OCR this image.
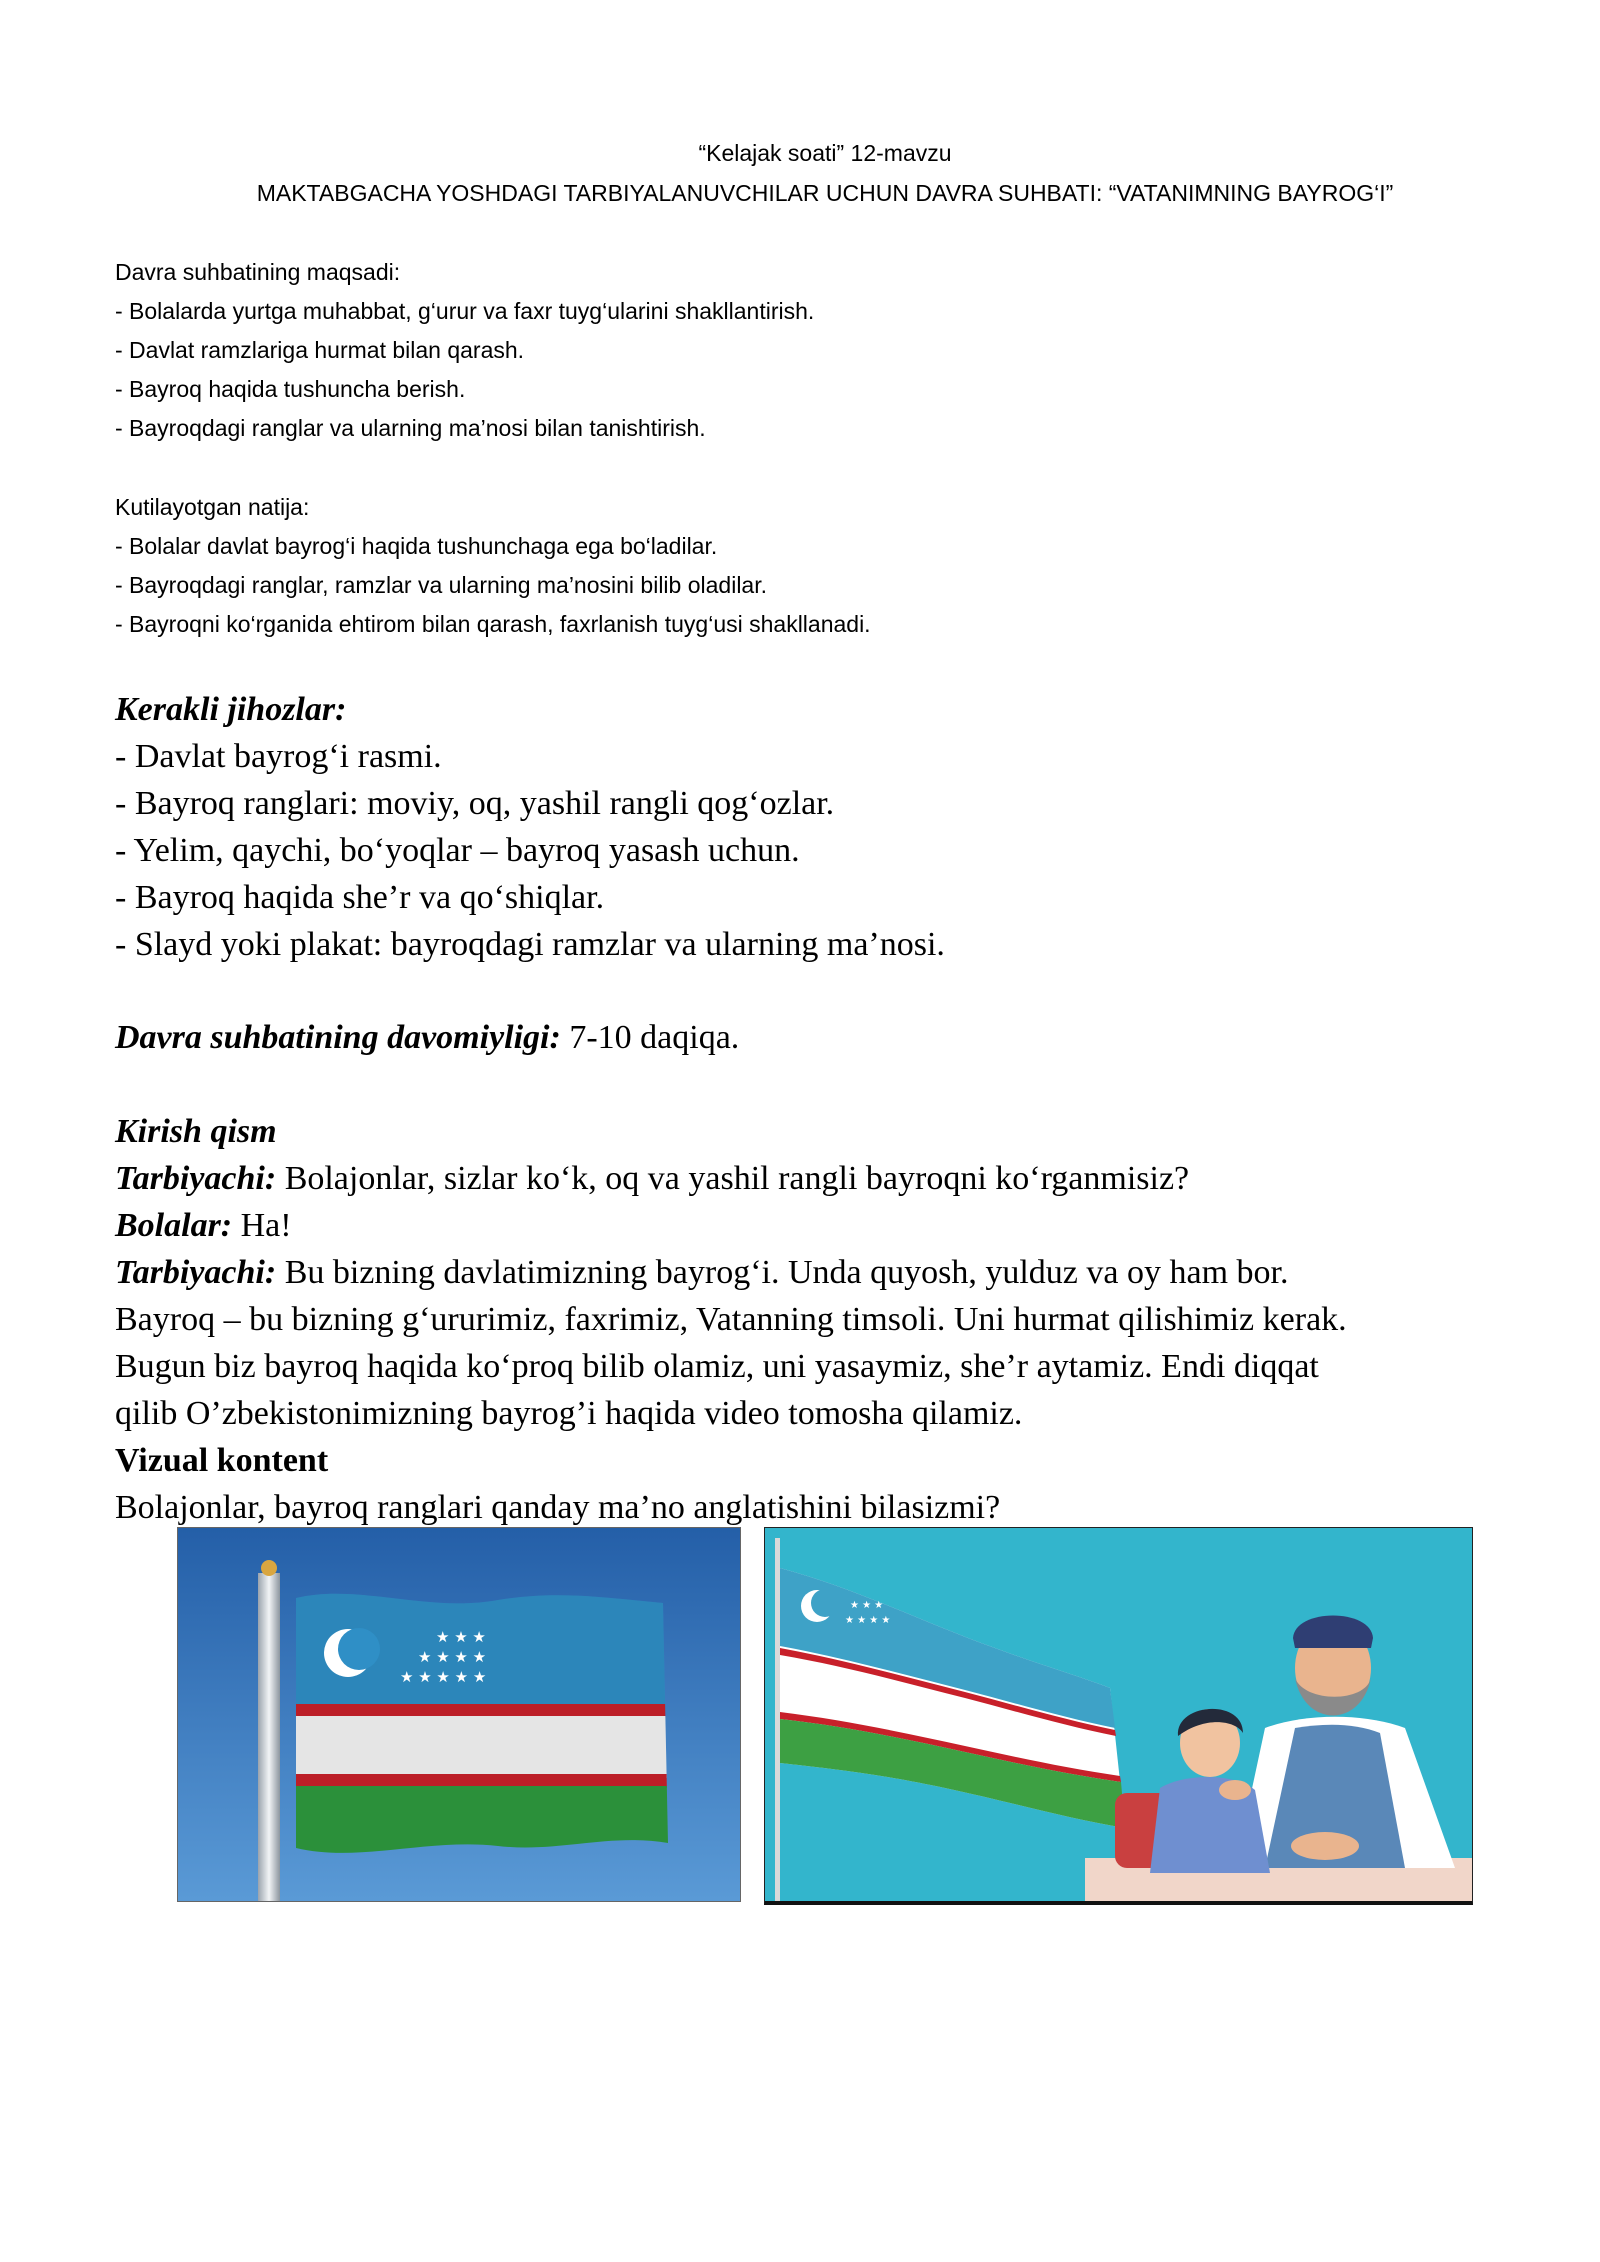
“Kelajak soati” 12-mavzu
MAKTABGACHA YOSHDAGI TARBIYALANUVCHILAR UCHUN DAVRA SUHBATI: “VATANIMNING BAYROG‘I”
Davra suhbatining maqsadi:
- Bolalarda yurtga muhabbat, g‘urur va faxr tuyg‘ularini shakllantirish.
- Davlat ramzlariga hurmat bilan qarash.
- Bayroq haqida tushuncha berish.
- Bayroqdagi ranglar va ularning ma’nosi bilan tanishtirish.
Kutilayotgan natija:
- Bolalar davlat bayrog‘i haqida tushunchaga ega bo‘ladilar.
- Bayroqdagi ranglar, ramzlar va ularning ma’nosini bilib oladilar.
- Bayroqni ko‘rganida ehtirom bilan qarash, faxrlanish tuyg‘usi shakllanadi.
Kerakli jihozlar:
- Davlat bayrog‘i rasmi.
- Bayroq ranglari: moviy, oq, yashil rangli qog‘ozlar.
- Yelim, qaychi, bo‘yoqlar – bayroq yasash uchun.
- Bayroq haqida she’r va qo‘shiqlar.
- Slayd yoki plakat: bayroqdagi ramzlar va ularning ma’nosi.
Davra suhbatining davomiyligi: 7-10 daqiqa.
Kirish qism
Tarbiyachi: Bolajonlar, sizlar ko‘k, oq va yashil rangli bayroqni ko‘rganmisiz?
Bolalar: Ha!
Tarbiyachi: Bu bizning davlatimizning bayrog‘i. Unda quyosh, yulduz va oy ham bor.
Bayroq – bu bizning g‘ururimiz, faxrimiz, Vatanning timsoli. Uni hurmat qilishimiz kerak.
Bugun biz bayroq haqida ko‘proq bilib olamiz, uni yasaymiz, she’r aytamiz. Endi diqqat
qilib O’zbekistonimizning bayrog’i haqida video tomosha qilamiz.
Vizual kontent
Bolajonlar, bayroq ranglari qanday ma’no anglatishini bilasizmi?
★ ★ ★
★ ★ ★ ★
★ ★ ★ ★ ★
★ ★ ★
★ ★ ★ ★
